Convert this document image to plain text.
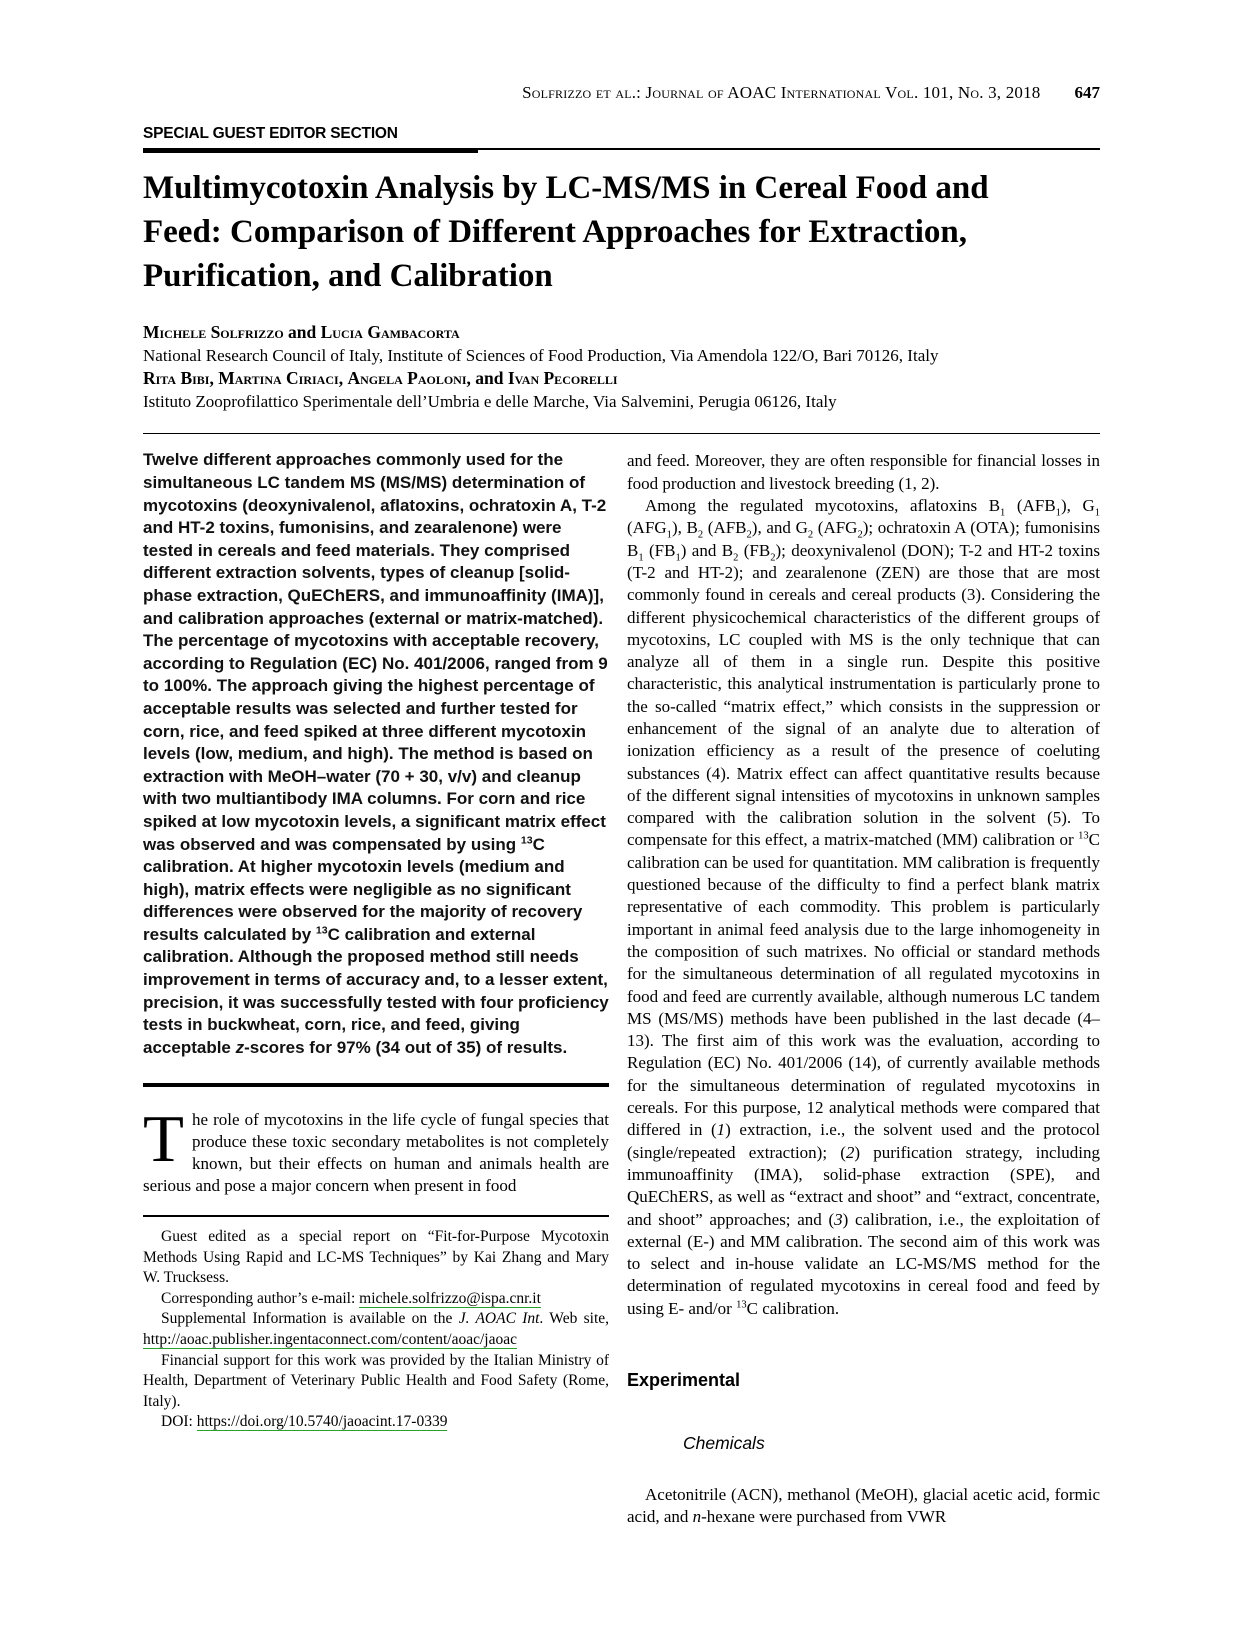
Solfrizzo et al.: Journal of AOAC International Vol. 101, No. 3, 2018 647
SPECIAL GUEST EDITOR SECTION
Multimycotoxin Analysis by LC-MS/MS in Cereal Food and Feed: Comparison of Different Approaches for Extraction, Purification, and Calibration
Michele Solfrizzo and Lucia Gambacorta
National Research Council of Italy, Institute of Sciences of Food Production, Via Amendola 122/O, Bari 70126, Italy
Rita Bibi, Martina Ciriaci, Angela Paoloni, and Ivan Pecorelli
Istituto Zooprofilattico Sperimentale dell’Umbria e delle Marche, Via Salvemini, Perugia 06126, Italy

Twelve different approaches commonly used for the simultaneous LC tandem MS (MS/MS) determination of mycotoxins (deoxynivalenol, aflatoxins, ochratoxin A, T-2 and HT-2 toxins, fumonisins, and zearalenone) were tested in cereals and feed materials. They comprised different extraction solvents, types of cleanup [solid-phase extraction, QuEChERS, and immunoaffinity (IMA)], and calibration approaches (external or matrix-matched). The percentage of mycotoxins with acceptable recovery, according to Regulation (EC) No. 401/2006, ranged from 9 to 100%. The approach giving the highest percentage of acceptable results was selected and further tested for corn, rice, and feed spiked at three different mycotoxin levels (low, medium, and high). The method is based on extraction with MeOH–water (70 + 30, v/v) and cleanup with two multiantibody IMA columns. For corn and rice spiked at low mycotoxin levels, a significant matrix effect was observed and was compensated by using $^{13}$C calibration. At higher mycotoxin levels (medium and high), matrix effects were negligible as no significant differences were observed for the majority of recovery results calculated by $^{13}$C calibration and external calibration. Although the proposed method still needs improvement in terms of accuracy and, to a lesser extent, precision, it was successfully tested with four proficiency tests in buckwheat, corn, rice, and feed, giving acceptable z-scores for 97% (34 out of 35) of results.

The role of mycotoxins in the life cycle of fungal species that produce these toxic secondary metabolites is not completely known, but their effects on human and animals health are serious and pose a major concern when present in food

Guest edited as a special report on “Fit-for-Purpose Mycotoxin Methods Using Rapid and LC-MS Techniques” by Kai Zhang and Mary W. Trucksess.

Corresponding author’s e-mail: michele.solfrizzo@ispa.cnr.it

Supplemental Information is available on the J. AOAC Int. Web site, http://aoac.publisher.ingentaconnect.com/content/aoac/jaoac

Financial support for this work was provided by the Italian Ministry of Health, Department of Veterinary Public Health and Food Safety (Rome, Italy).

DOI: https://doi.org/10.5740/jaoacint.17-0339

and feed. Moreover, they are often responsible for financial losses in food production and livestock breeding (1, 2).

Among the regulated mycotoxins, aflatoxins $B_1$ $(AFB_1)$, $G_1$ $(AFG_1)$, $B_2$ $(AFB_2)$, and $G_2$ $(AFG_2)$; ochratoxin A (OTA); fumonisins $B_1$ $(FB_1)$ and $B_2$ $(FB_2)$; deoxynivalenol (DON); T-2 and HT-2 toxins (T-2 and HT-2); and zearalenone (ZEN) are those that are most commonly found in cereals and cereal products (3). Considering the different physicochemical characteristics of the different groups of mycotoxins, LC coupled with MS is the only technique that can analyze all of them in a single run. Despite this positive characteristic, this analytical instrumentation is particularly prone to the so-called “matrix effect,” which consists in the suppression or enhancement of the signal of an analyte due to alteration of ionization efficiency as a result of the presence of coeluting substances (4). Matrix effect can affect quantitative results because of the different signal intensities of mycotoxins in unknown samples compared with the calibration solution in the solvent (5). To compensate for this effect, a matrix-matched (MM) calibration or $^{13}$C calibration can be used for quantitation. MM calibration is frequently questioned because of the difficulty to find a perfect blank matrix representative of each commodity. This problem is particularly important in animal feed analysis due to the large inhomogeneity in the composition of such matrixes. No official or standard methods for the simultaneous determination of all regulated mycotoxins in food and feed are currently available, although numerous LC tandem MS (MS/MS) methods have been published in the last decade (4–13). The first aim of this work was the evaluation, according to Regulation (EC) No. 401/2006 (14), of currently available methods for the simultaneous determination of regulated mycotoxins in cereals. For this purpose, 12 analytical methods were compared that differed in (1) extraction, i.e., the solvent used and the protocol (single/repeated extraction); (2) purification strategy, including immunoaffinity (IMA), solid-phase extraction (SPE), and QuEChERS, as well as “extract and shoot” and “extract, concentrate, and shoot” approaches; and (3) calibration, i.e., the exploitation of external (E-) and MM calibration. The second aim of this work was to select and in-house validate an LC-MS/MS method for the determination of regulated mycotoxins in cereal food and feed by using E- and/or $^{13}$C calibration.

Experimental
Chemicals

Acetonitrile (ACN), methanol (MeOH), glacial acetic acid, formic acid, and n-hexane were purchased from VWR
